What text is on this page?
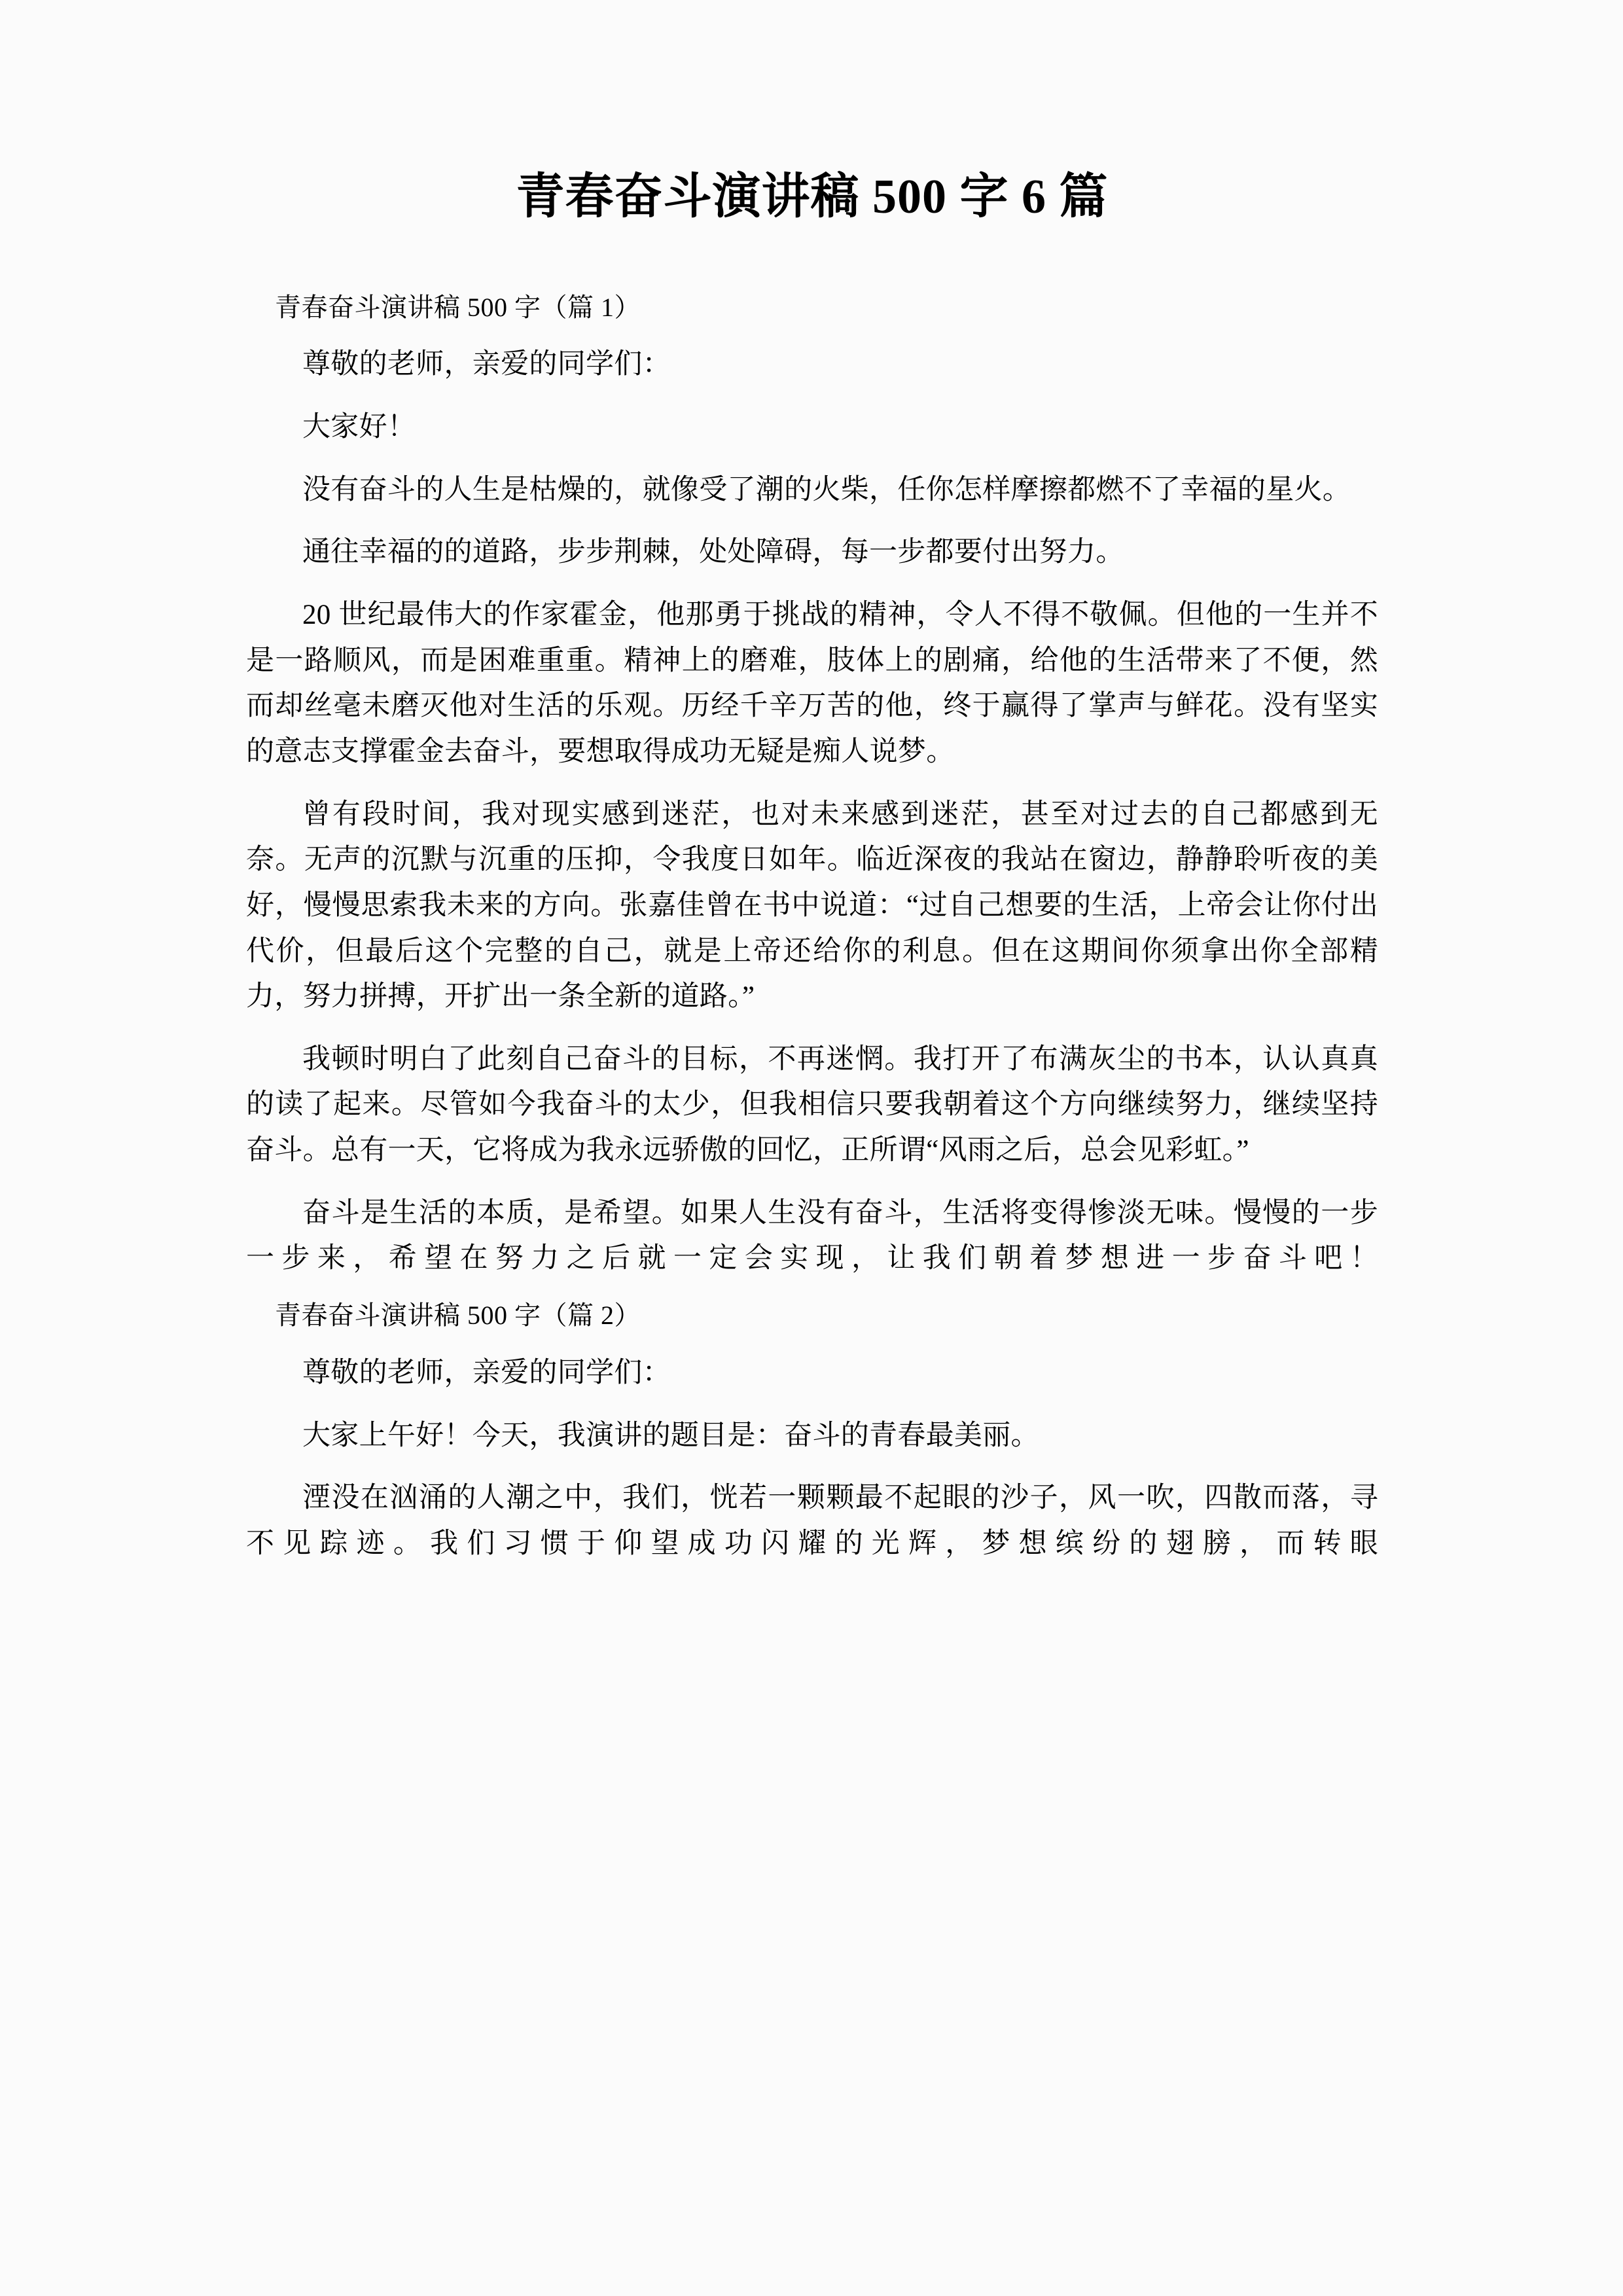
青春奋斗演讲稿 500 字 6 篇

青春奋斗演讲稿 500 字（篇 1）

尊敬的老师，亲爱的同学们：

大家好！

没有奋斗的人生是枯燥的，就像受了潮的火柴，任你怎样摩擦都燃不了幸福的星火。

通往幸福的的道路，步步荆棘，处处障碍，每一步都要付出努力。

20 世纪最伟大的作家霍金，他那勇于挑战的精神，令人不得不敬佩。但他的一生并不是一路顺风，而是困难重重。精神上的磨难，肢体上的剧痛，给他的生活带来了不便，然而却丝毫未磨灭他对生活的乐观。历经千辛万苦的他，终于赢得了掌声与鲜花。没有坚实的意志支撑霍金去奋斗，要想取得成功无疑是痴人说梦。

曾有段时间，我对现实感到迷茫，也对未来感到迷茫，甚至对过去的自己都感到无奈。无声的沉默与沉重的压抑，令我度日如年。临近深夜的我站在窗边，静静聆听夜的美好，慢慢思索我未来的方向。张嘉佳曾在书中说道：“过自己想要的生活，上帝会让你付出代价，但最后这个完整的自己，就是上帝还给你的利息。但在这期间你须拿出你全部精力，努力拼搏，开扩出一条全新的道路。”

我顿时明白了此刻自己奋斗的目标，不再迷惘。我打开了布满灰尘的书本，认认真真的读了起来。尽管如今我奋斗的太少，但我相信只要我朝着这个方向继续努力，继续坚持奋斗。总有一天，它将成为我永远骄傲的回忆，正所谓“风雨之后，总会见彩虹。”

奋斗是生活的本质，是希望。如果人生没有奋斗，生活将变得惨淡无味。慢慢的一步一步来，希望在努力之后就一定会实现，让我们朝着梦想进一步奋斗吧！

青春奋斗演讲稿 500 字（篇 2）

尊敬的老师，亲爱的同学们：

大家上午好！今天，我演讲的题目是：奋斗的青春最美丽。

湮没在汹涌的人潮之中，我们，恍若一颗颗最不起眼的沙子，风一吹，四散而落，寻不见踪迹。我们习惯于仰望成功闪耀的光辉，梦想缤纷的翅膀，而转眼
